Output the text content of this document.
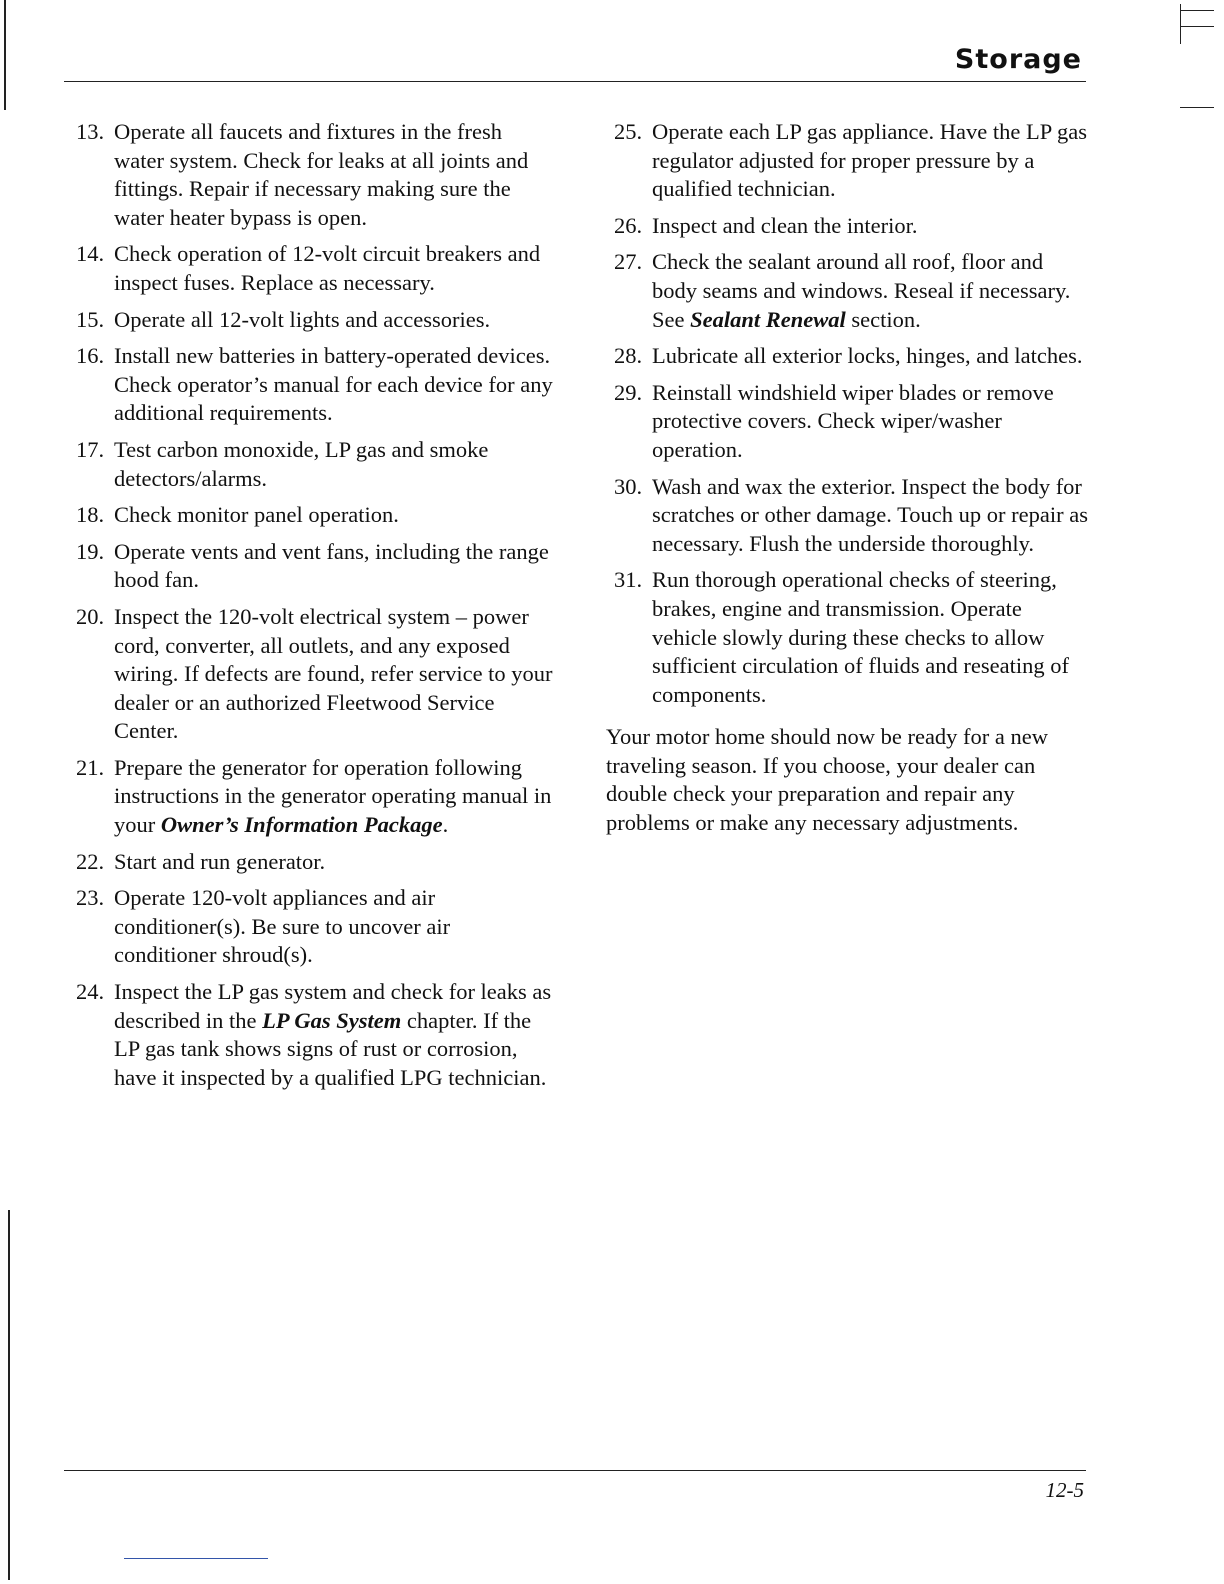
Storage
13. Operate all faucets and fixtures in the fresh water system. Check for leaks at all joints and fittings. Repair if necessary making sure the water heater bypass is open.
14. Check operation of 12-volt circuit breakers and inspect fuses. Replace as necessary.
15. Operate all 12-volt lights and accessories.
16. Install new batteries in battery-operated devices. Check operator’s manual for each device for any additional requirements.
17. Test carbon monoxide, LP gas and smoke detectors/alarms.
18. Check monitor panel operation.
19. Operate vents and vent fans, including the range hood fan.
20. Inspect the 120-volt electrical system – power cord, converter, all outlets, and any exposed wiring. If defects are found, refer service to your dealer or an authorized Fleetwood Service Center.
21. Prepare the generator for operation following instructions in the generator operating manual in your Owner’s Information Package.
22. Start and run generator.
23. Operate 120-volt appliances and air conditioner(s). Be sure to uncover air conditioner shroud(s).
24. Inspect the LP gas system and check for leaks as described in the LP Gas System chapter. If the LP gas tank shows signs of rust or corrosion, have it inspected by a qualified LPG technician.
25. Operate each LP gas appliance. Have the LP gas regulator adjusted for proper pressure by a qualified technician.
26. Inspect and clean the interior.
27. Check the sealant around all roof, floor and body seams and windows. Reseal if necessary. See Sealant Renewal section.
28. Lubricate all exterior locks, hinges, and latches.
29. Reinstall windshield wiper blades or remove protective covers. Check wiper/washer operation.
30. Wash and wax the exterior. Inspect the body for scratches or other damage. Touch up or repair as necessary. Flush the underside thoroughly.
31. Run thorough operational checks of steering, brakes, engine and transmission. Operate vehicle slowly during these checks to allow sufficient circulation of fluids and reseating of components.

Your motor home should now be ready for a new traveling season. If you choose, your dealer can double check your preparation and repair any problems or make any necessary adjustments.

12-5
